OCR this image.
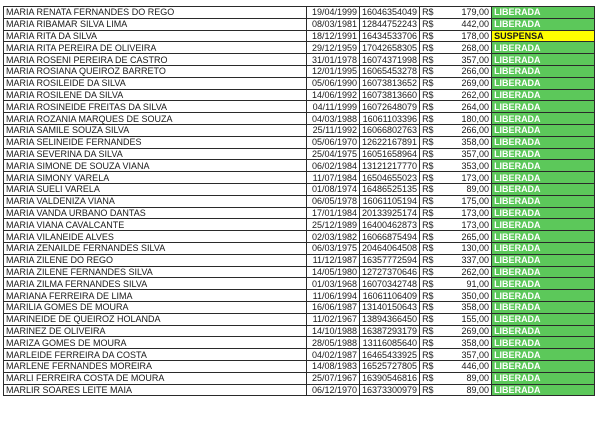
MARIA RENATA FERNANDES DO REGO	19/04/1999	16046354049	R$	179,00	LIBERADA
MARIA RIBAMAR SILVA LIMA	08/03/1981	12844752243	R$	442,00	LIBERADA
MARIA RITA DA SILVA	18/12/1991	16434533706	R$	178,00	SUSPENSA
MARIA RITA PEREIRA DE OLIVEIRA	29/12/1959	17042658305	R$	268,00	LIBERADA
MARIA ROSENI PEREIRA DE CASTRO	31/01/1978	16074371998	R$	357,00	LIBERADA
MARIA ROSIANA QUEIROZ BARRETO	12/01/1995	16065453278	R$	266,00	LIBERADA
MARIA ROSILEIDE DA SILVA	05/06/1990	16073813652	R$	269,00	LIBERADA
MARIA ROSILENE DA SILVA	14/06/1992	16073813660	R$	262,00	LIBERADA
MARIA ROSINEIDE FREITAS DA SILVA	04/11/1999	16072648079	R$	264,00	LIBERADA
MARIA ROZANIA MARQUES DE SOUZA	04/03/1988	16061103396	R$	180,00	LIBERADA
MARIA SAMILE SOUZA SILVA	25/11/1992	16066802763	R$	266,00	LIBERADA
MARIA SELINEIDE FERNANDES	05/06/1970	12622167891	R$	358,00	LIBERADA
MARIA SEVERINA DA SILVA	25/04/1975	16051658964	R$	357,00	LIBERADA
MARIA SIMONE DE SOUZA VIANA	06/02/1984	13121217770	R$	353,00	LIBERADA
MARIA SIMONY VARELA	11/07/1984	16504655023	R$	173,00	LIBERADA
MARIA SUELI VARELA	01/08/1974	16486525135	R$	89,00	LIBERADA
MARIA VALDENIZA VIANA	06/05/1978	16061105194	R$	175,00	LIBERADA
MARIA VANDA URBANO DANTAS	17/01/1984	20133925174	R$	173,00	LIBERADA
MARIA VIANA CAVALCANTE	25/12/1989	16400462873	R$	173,00	LIBERADA
MARIA VILANEIDE ALVES	02/03/1982	16066875494	R$	265,00	LIBERADA
MARIA ZENAILDE FERNANDES SILVA	06/03/1975	20464064508	R$	130,00	LIBERADA
MARIA ZILENE DO REGO	11/12/1987	16357772594	R$	337,00	LIBERADA
MARIA ZILENE FERNANDES SILVA	14/05/1980	12727370646	R$	262,00	LIBERADA
MARIA ZILMA FERNANDES SILVA	01/03/1968	16070342748	R$	91,00	LIBERADA
MARIANA FERREIRA DE LIMA	11/06/1994	16061106409	R$	350,00	LIBERADA
MARILIA GOMES DE MOURA	16/06/1987	13140150643	R$	358,00	LIBERADA
MARINEIDE DE QUEIROZ HOLANDA	11/02/1967	13894366450	R$	155,00	LIBERADA
MARINEZ DE OLIVEIRA	14/10/1988	16387293179	R$	269,00	LIBERADA
MARIZA GOMES DE MOURA	28/05/1988	13116085640	R$	358,00	LIBERADA
MARLEIDE FERREIRA DA COSTA	04/02/1987	16465433925	R$	357,00	LIBERADA
MARLENE FERNANDES MOREIRA	14/08/1983	16525727805	R$	446,00	LIBERADA
MARLI FERREIRA COSTA DE MOURA	25/07/1967	16390546816	R$	89,00	LIBERADA
MARLIR SOARES LEITE MAIA	06/12/1970	16373300979	R$	89,00	LIBERADA
